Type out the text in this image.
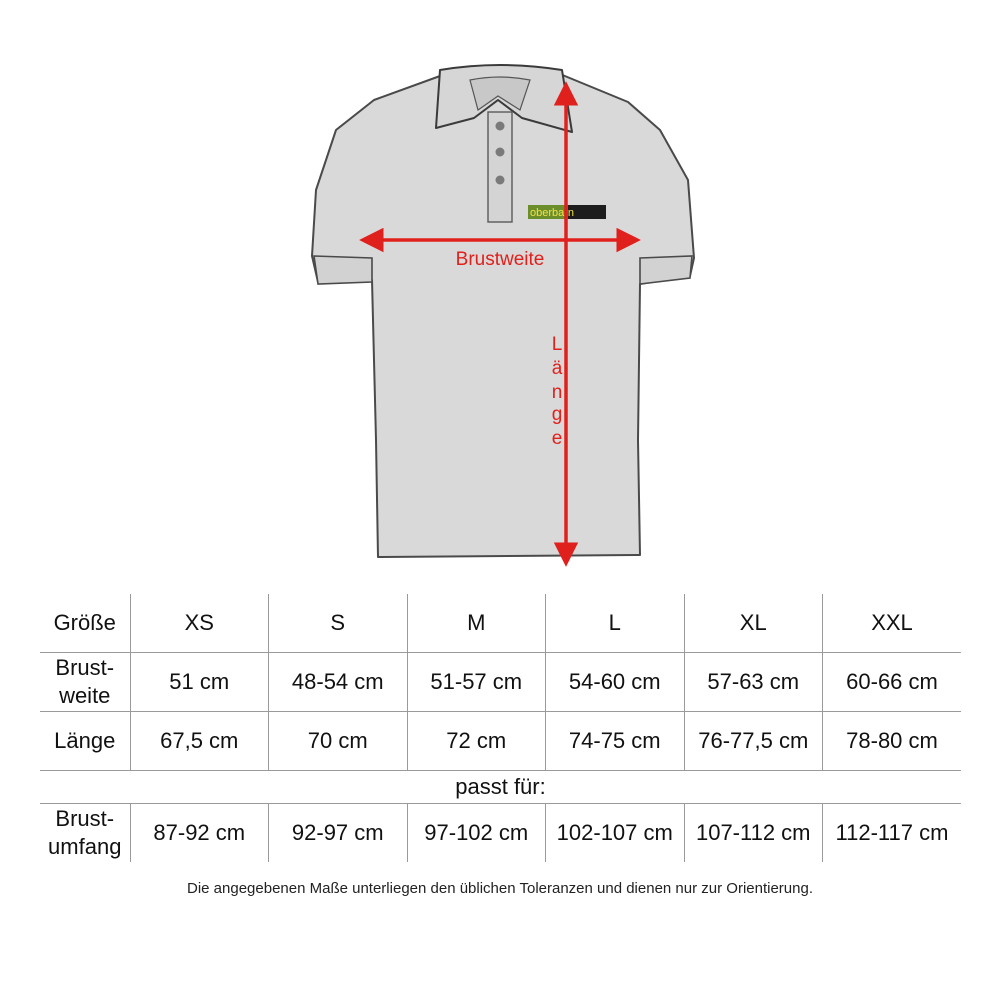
oberbarn
Brustweite
L
ä
n
g
e
Größe	XS	S	M	L	XL	XXL
Brust-
weite	51 cm	48-54 cm	51-57 cm	54-60 cm	57-63 cm	60-66 cm
Länge	67,5 cm	70 cm	72 cm	74-75 cm	76-77,5 cm	78-80 cm
passt für:						
Brust-
umfang	87-92 cm	92-97 cm	97-102 cm	102-107 cm	107-112 cm	112-117 cm
Die angegebenen Maße unterliegen den üblichen Toleranzen und dienen nur zur Orientierung.
